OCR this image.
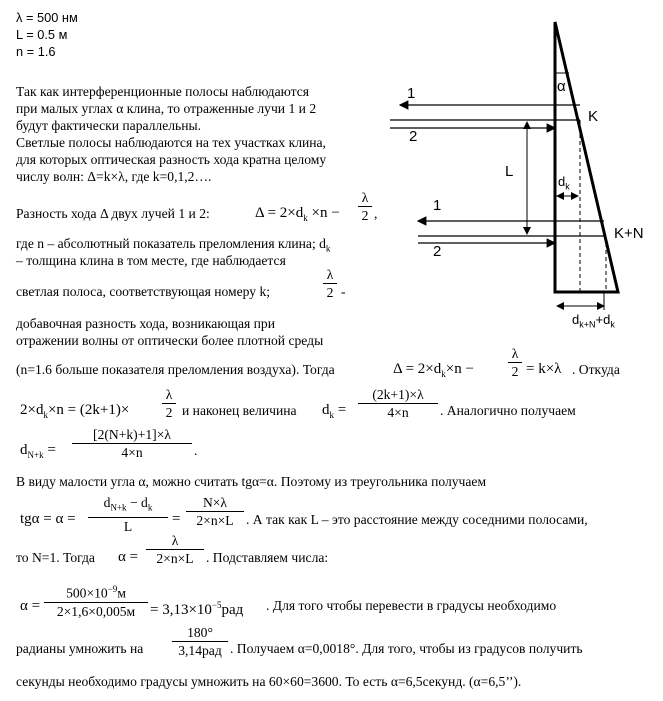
λ = 500 нм
L = 0.5 м
n = 1.6
Так как интерференционные полосы наблюдаются
при малых углах α клина, то отраженные лучи 1 и 2
будут фактически параллельны.
Светлые полосы наблюдаются на тех участках клина,
для которых оптическая разность хода кратна целому
числу волн: Δ=k×λ, где k=0,1,2….
Разность хода Δ двух лучей 1 и 2:	$\Delta = 2\times d_k \times n$ −
λ
2 ,
где n – абсолютный показатель преломления клина; $d_k$
– толщина клина в том месте, где наблюдается
светлая полоса, соответствующая номеру k;
λ
2 -
добавочная разность хода, возникающая при
отражении волны от оптически более плотной среды
(n=1.6 больше показателя преломления воздуха). Тогда	$\Delta = 2\times d_k\times n$ −
λ
2 = k×λ . Откуда
$2\times d_k\times n = (2k+1)\times$
λ
2 и наконец величина $d_k$ =
(2k+1)×λ
4×n	. Аналогично получаем
$d_{N+k}$ =
[2(N+k)+1]×λ
4×n	.
В виду малости угла α, можно считать tgα=α. Поэтому из треугольника получаем
tgα = α =
$d_{N+k} - d_k$
L	=
N×λ
2×n×L . А так как L – это расстояние между соседними полосами,
то N=1. Тогда α =
λ
2×n×L . Подставляем числа:
α =
$500\times 10^{-9}м$
$2\times 1,6\times 0,005м = 3,13\times 10^{-5}рад$ . Для того чтобы перевести в градусы необходимо
радианы умножить на
180°
3,14рад . Получаем α=0,0018°. Для того, чтобы из градусов получить
секунды необходимо градусы умножить на 60×60=3600. То есть α=6,5секунд. (α=6,5’’).
1
2
1
2
α
K
K+N
L
$d_k$
$d_{k+N}+d_k$
